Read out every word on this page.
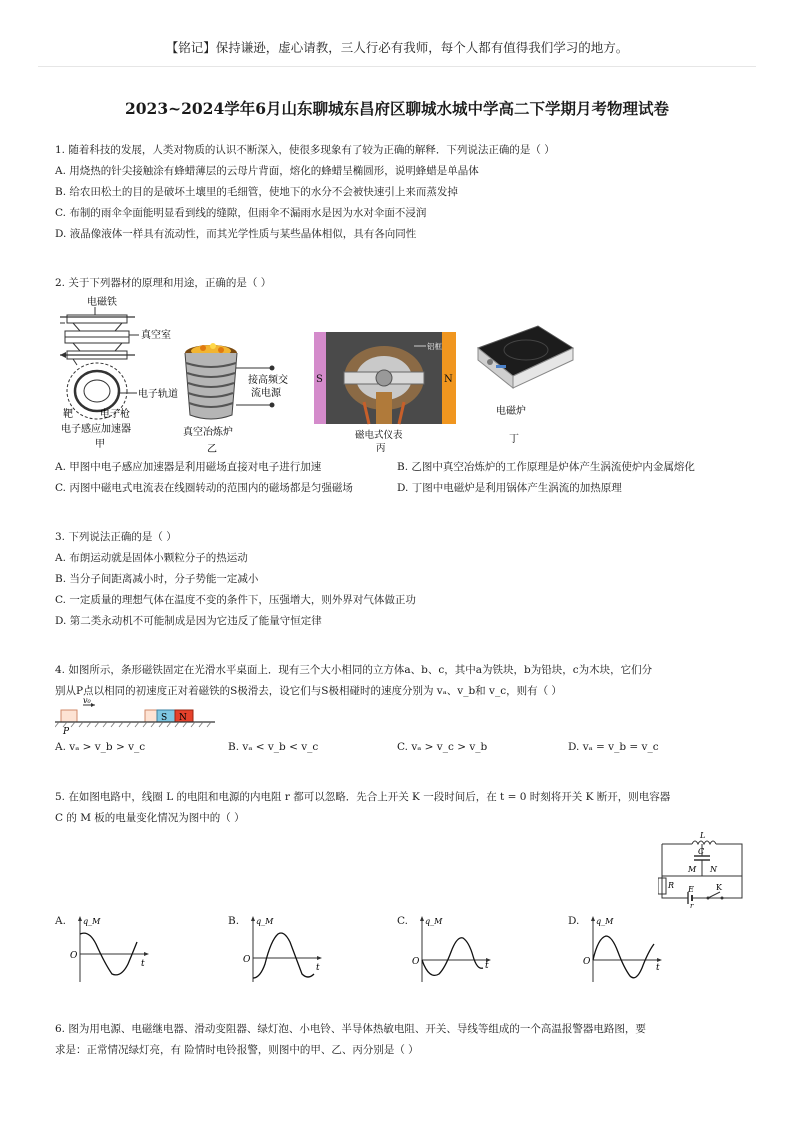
【铭记】保持谦逊，虚心请教，三人行必有我师，每个人都有值得我们学习的地方。
2023~2024学年6月山东聊城东昌府区聊城水城中学高二下学期月考物理试卷
1. 随着科技的发展，人类对物质的认识不断深入，使很多现象有了较为正确的解释．下列说法正确的是（ ）
A. 用烧热的针尖接触涂有蜂蜡薄层的云母片背面，熔化的蜂蜡呈椭圆形，说明蜂蜡是单晶体
B. 给农田松土的目的是破坏土壤里的毛细管，使地下的水分不会被快速引上来而蒸发掉
C. 布制的雨伞伞面能明显看到线的缝隙，但雨伞不漏雨水是因为水对伞面不浸润
D. 液晶像液体一样具有流动性，而其光学性质与某些晶体相似，具有各向同性
2. 关于下列器材的原理和用途，正确的是（ ）
电磁铁
真空室
电子轨道
靶	电子枪
电子感应加速器
甲
接高频交
流电源
真空冶炼炉
乙
S	N
铝框
磁电式仪表
丙
电磁炉
丁
A. 甲图中电子感应加速器是利用磁场直接对电子进行加速	B. 乙图中真空冶炼炉的工作原理是炉体产生涡流使炉内金属熔化
C. 丙图中磁电式电流表在线圈转动的范围内的磁场都是匀强磁场	D. 丁图中电磁炉是利用锅体产生涡流的加热原理
3. 下列说法正确的是（ ）
A. 布朗运动就是固体小颗粒分子的热运动
B. 当分子间距离减小时，分子势能一定减小
C. 一定质量的理想气体在温度不变的条件下，压强增大，则外界对气体做正功
D. 第二类永动机不可能制成是因为它违反了能量守恒定律
4. 如图所示，条形磁铁固定在光滑水平桌面上．现有三个大小相同的立方体a、b、c，其中a为铁块，b为铅块，c为木块，它们分
别从P点以相同的初速度正对着磁铁的S极滑去，设它们与S极相碰时的速度分别为 vₐ、v_b和 v_c，则有（ ）
v₀
S N
P
A. vₐ > v_b > v_c	B. vₐ < v_b < v_c	C. vₐ > v_c > v_b	D. vₐ = v_b = v_c
5. 在如图电路中，线圈 L 的电阻和电源的内电阻 r 都可以忽略．先合上开关 K 一段时间后，在 t = 0 时刻将开关 K 断开，则电容器
C 的 M 板的电量变化情况为图中的（ ）
L
C
M N
R E
r
K
A. q_M
O
t
B. q_M
O
t
C. q_M
O	t
D. q_M
O
t
6. 图为用电源、电磁继电器、滑动变阻器、绿灯泡、小电铃、半导体热敏电阻、开关、导线等组成的一个高温报警器电路图，要
求是：正常情况绿灯亮，有 险情时电铃报警，则图中的甲、乙、丙分别是（ ）
